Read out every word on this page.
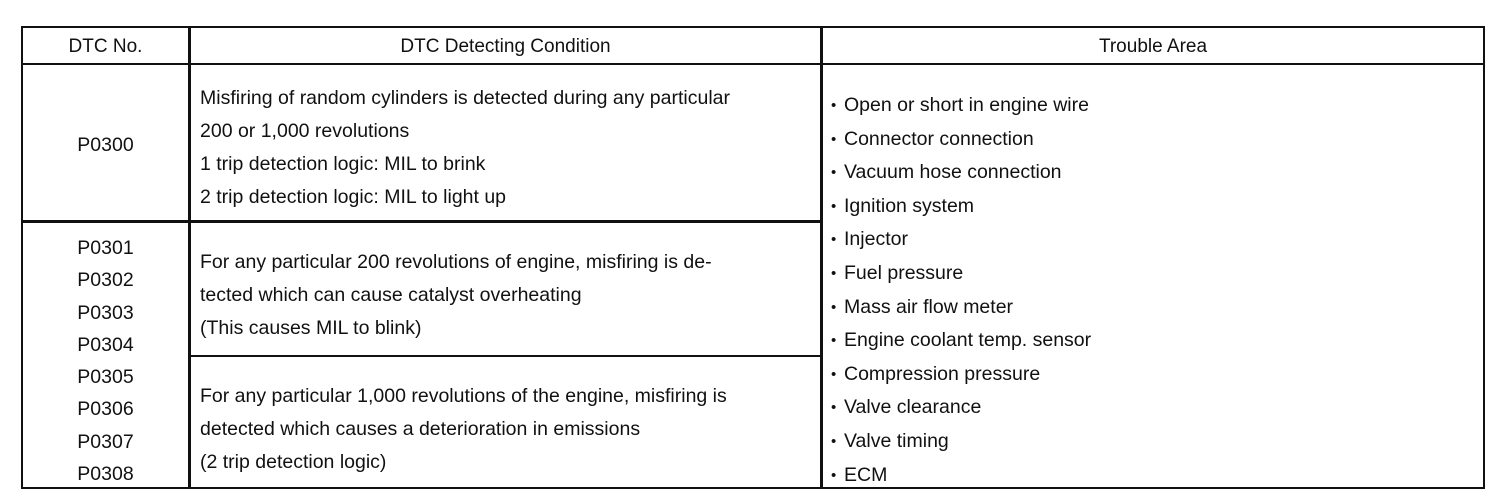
DTC No.	DTC Detecting Condition	Trouble Area
P0300
Misfiring of random cylinders is detected during any particular
200 or 1,000 revolutions
1 trip detection logic: MIL to brink
2 trip detection logic: MIL to light up
P0301
P0302
P0303
P0304
P0305
P0306
P0307
P0308
For any particular 200 revolutions of engine, misfiring is de-
tected which can cause catalyst overheating
(This causes MIL to blink)
For any particular 1,000 revolutions of the engine, misfiring is
detected which causes a deterioration in emissions
(2 trip detection logic)
• Open or short in engine wire
• Connector connection
• Vacuum hose connection
• Ignition system
• Injector
• Fuel pressure
• Mass air flow meter
• Engine coolant temp. sensor
• Compression pressure
• Valve clearance
• Valve timing
• ECM
